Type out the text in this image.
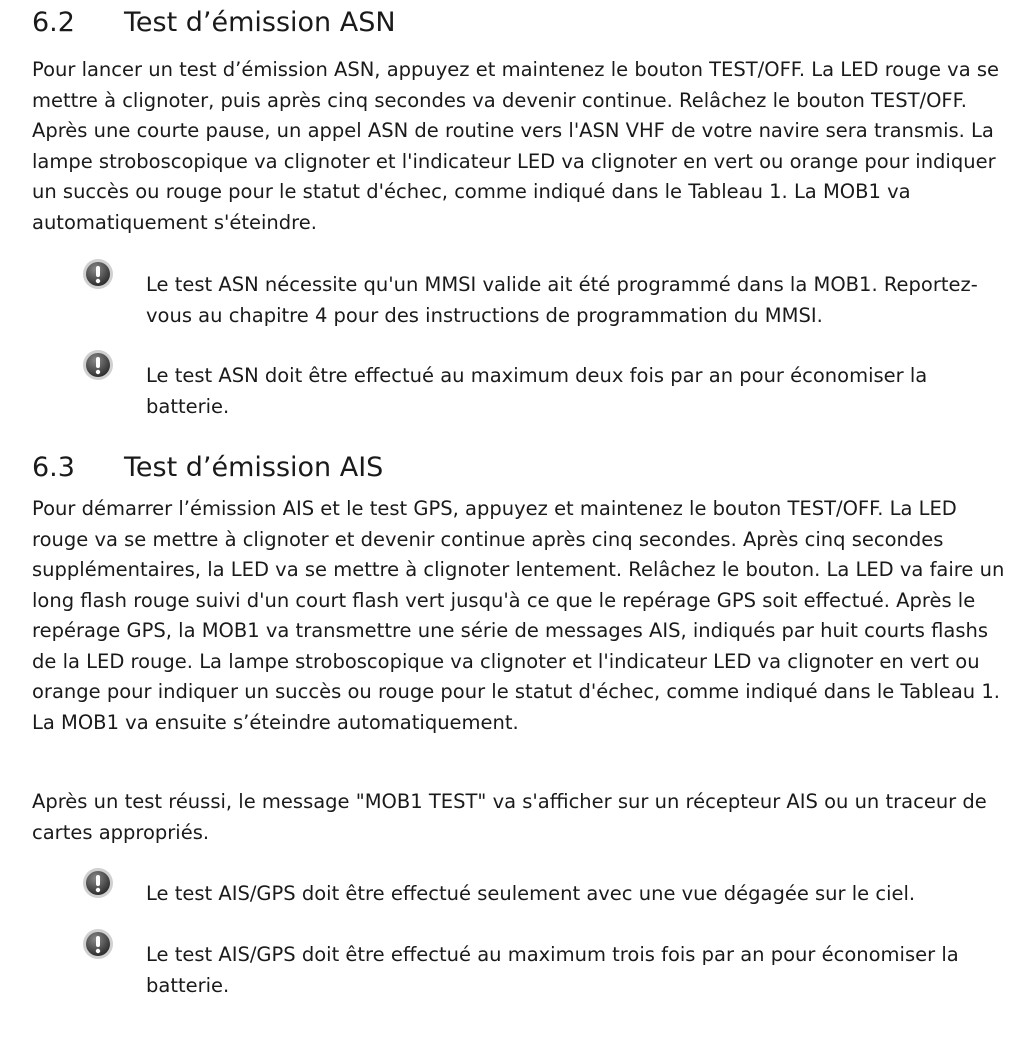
6.2	Test d’émission ASN

Pour lancer un test d’émission ASN, appuyez et maintenez le bouton TEST/OFF. La LED rouge va se mettre à clignoter, puis après cinq secondes va devenir continue. Relâchez le bouton TEST/OFF. Après une courte pause, un appel ASN de routine vers l'ASN VHF de votre navire sera transmis. La lampe stroboscopique va clignoter et l'indicateur LED va clignoter en vert ou orange pour indiquer un succès ou rouge pour le statut d'échec, comme indiqué dans le Tableau 1. La MOB1 va automatiquement s'éteindre.

Le test ASN nécessite qu'un MMSI valide ait été programmé dans la MOB1. Reportez-vous au chapitre 4 pour des instructions de programmation du MMSI.
Le test ASN doit être effectué au maximum deux fois par an pour économiser la batterie.
6.3	Test d’émission AIS

Pour démarrer l’émission AIS et le test GPS, appuyez et maintenez le bouton TEST/OFF. La LED rouge va se mettre à clignoter et devenir continue après cinq secondes. Après cinq secondes supplémentaires, la LED va se mettre à clignoter lentement. Relâchez le bouton. La LED va faire un long flash rouge suivi d'un court flash vert jusqu'à ce que le repérage GPS soit effectué. Après le repérage GPS, la MOB1 va transmettre une série de messages AIS, indiqués par huit courts flashs de la LED rouge. La lampe stroboscopique va clignoter et l'indicateur LED va clignoter en vert ou orange pour indiquer un succès ou rouge pour le statut d'échec, comme indiqué dans le Tableau 1. La MOB1 va ensuite s’éteindre automatiquement.

Après un test réussi, le message "MOB1 TEST" va s'afficher sur un récepteur AIS ou un traceur de cartes appropriés.

Le test AIS/GPS doit être effectué seulement avec une vue dégagée sur le ciel.
Le test AIS/GPS doit être effectué au maximum trois fois par an pour économiser la batterie.
